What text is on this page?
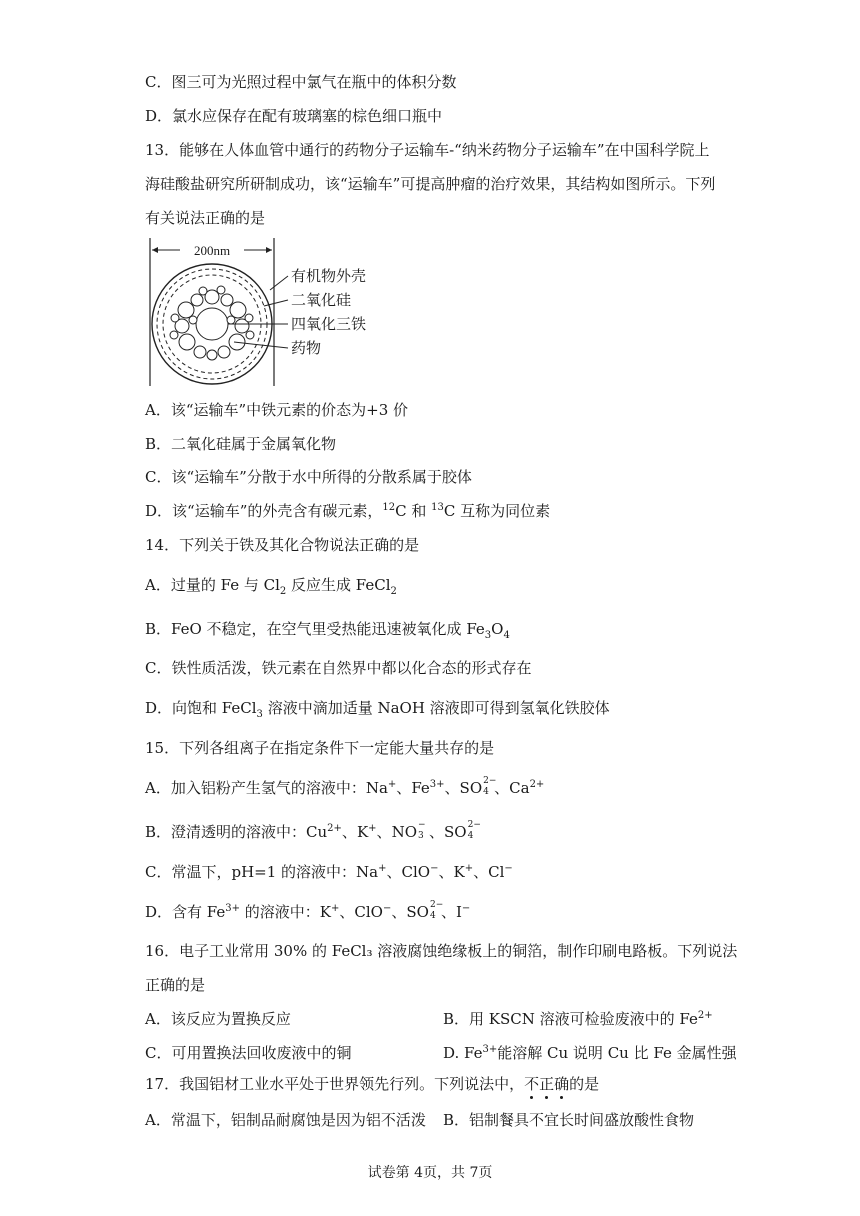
C．图三可为光照过程中氯气在瓶中的体积分数
D．氯水应保存在配有玻璃塞的棕色细口瓶中
13．能够在人体血管中通行的药物分子运输车-“纳米药物分子运输车”在中国科学院上
海硅酸盐研究所研制成功，该“运输车”可提高肿瘤的治疗效果，其结构如图所示。下列
有关说法正确的是
200nm
有机物外壳
二氧化硅
四氧化三铁
药物
A．该“运输车”中铁元素的价态为+3 价
B．二氧化硅属于金属氧化物
C．该“运输车”分散于水中所得的分散系属于胶体
D．该“运输车”的外壳含有碳元素，$^{12}$C 和 $^{13}$C 互称为同位素
14．下列关于铁及其化合物说法正确的是
A．过量的 Fe 与 $Cl_2$ 反应生成 FeCl$_2$
B．FeO 不稳定，在空气里受热能迅速被氧化成 $Fe_3O_4$
C．铁性质活泼，铁元素在自然界中都以化合态的形式存在
D．向饱和 FeCl$_3$ 溶液中滴加适量 NaOH 溶液即可得到氢氧化铁胶体
15．下列各组离子在指定条件下一定能大量共存的是
A．加入铝粉产生氢气的溶液中：Na+、$Fe^{3+}$、SO 2−
4 、$Ca^{2+}$
B．澄清透明的溶液中：$Cu^{2+}$、K+、NO −
3 、SO 2−
4
C．常温下，pH=1 的溶液中：Na+、ClO−、K+、Cl−
D．含有 $Fe^{3+}$ 的溶液中：K+、ClO−、SO 2−
4 、I−
16．电子工业常用 30% 的 FeCl₃ 溶液腐蚀绝缘板上的铜箔，制作印刷电路板。下列说法
正确的是
A．该反应为置换反应	B．用 KSCN 溶液可检验废液中的 $Fe^{2+}$
C．可用置换法回收废液中的铜	D. $Fe^{3+}$能溶解 Cu 说明 Cu 比 Fe 金属性强
17．我国铝材工业水平处于世界领先行列。下列说法中，不正确的是
A．常温下，铝制品耐腐蚀是因为铝不活泼 B．铝制餐具不宜长时间盛放酸性食物
试卷第 4页，共 7页
